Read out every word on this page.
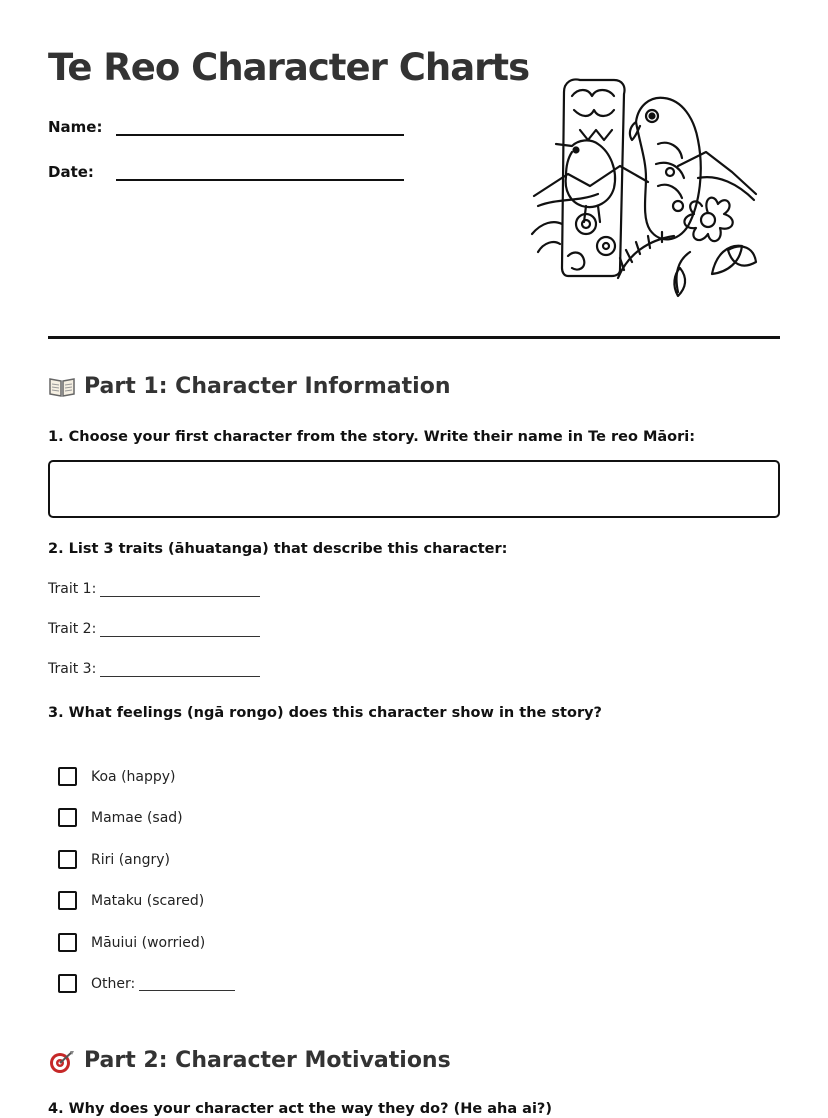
Te Reo Character Charts
Name:
Date:
Part 1: Character Information

1. Choose your first character from the story. Write their name in Te reo Māori:

2. List 3 traits (āhuatanga) that describe this character:

Trait 1:
Trait 2:
Trait 3:

3. What feelings (ngā rongo) does this character show in the story?

Koa (happy)
Mamae (sad)
Riri (angry)
Mataku (scared)
Māuiui (worried)
Other:
Part 2: Character Motivations

4. Why does your character act the way they do? (He aha ai?)
